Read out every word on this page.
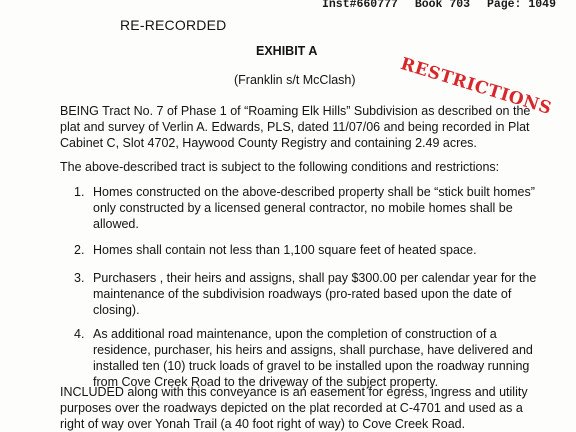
Inst#660777 Book 703 Page: 1049
RE-RECORDED
RESTRICTIONS
EXHIBIT A
(Franklin s/t McClash)
BEING Tract No. 7 of Phase 1 of “Roaming Elk Hills” Subdivision as described on the
plat and survey of Verlin A. Edwards, PLS, dated 11/07/06 and being recorded in Plat
Cabinet C, Slot 4702, Haywood County Registry and containing 2.49 acres.
The above-described tract is subject to the following conditions and restrictions:
1. Homes constructed on the above-described property shall be “stick built homes”
only constructed by a licensed general contractor, no mobile homes shall be
allowed.
2. Homes shall contain not less than 1,100 square feet of heated space.
3. Purchasers , their heirs and assigns, shall pay $300.00 per calendar year for the
maintenance of the subdivision roadways (pro-rated based upon the date of
closing).
4. As additional road maintenance, upon the completion of construction of a
residence, purchaser, his heirs and assigns, shall purchase, have delivered and
installed ten (10) truck loads of gravel to be installed upon the roadway running
from Cove Creek Road to the driveway of the subject property.
INCLUDED along with this conveyance is an easement for egress, ingress and utility
purposes over the roadways depicted on the plat recorded at C-4701 and used as a
right of way over Yonah Trail (a 40 foot right of way) to Cove Creek Road.
